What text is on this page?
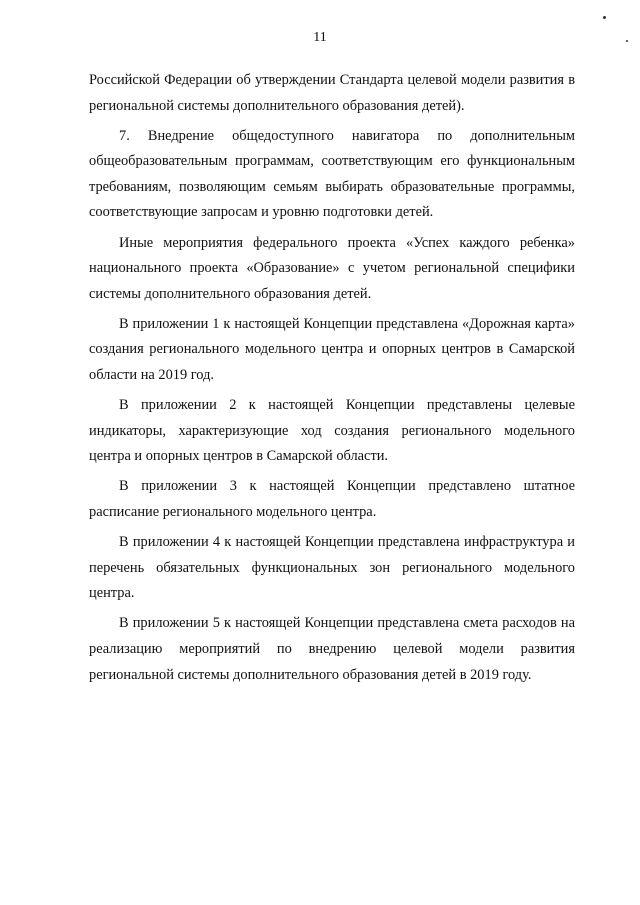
11

Российской Федерации об утверждении Стандарта целевой модели развития в региональной системы дополнительного образования детей).

7. Внедрение общедоступного навигатора по дополнительным общеобразовательным программам, соответствующим его функциональным требованиям, позволяющим семьям выбирать образовательные программы, соответствующие запросам и уровню подготовки детей.

Иные мероприятия федерального проекта «Успех каждого ребенка» национального проекта «Образование» с учетом региональной специфики системы дополнительного образования детей.

В приложении 1 к настоящей Концепции представлена «Дорожная карта» создания регионального модельного центра и опорных центров в Самарской области на 2019 год.

В приложении 2 к настоящей Концепции представлены целевые индикаторы, характеризующие ход создания регионального модельного центра и опорных центров в Самарской области.

В приложении 3 к настоящей Концепции представлено штатное расписание регионального модельного центра.

В приложении 4 к настоящей Концепции представлена инфраструктура и перечень обязательных функциональных зон регионального модельного центра.

В приложении 5 к настоящей Концепции представлена смета расходов на реализацию мероприятий по внедрению целевой модели развития региональной системы дополнительного образования детей в 2019 году.
